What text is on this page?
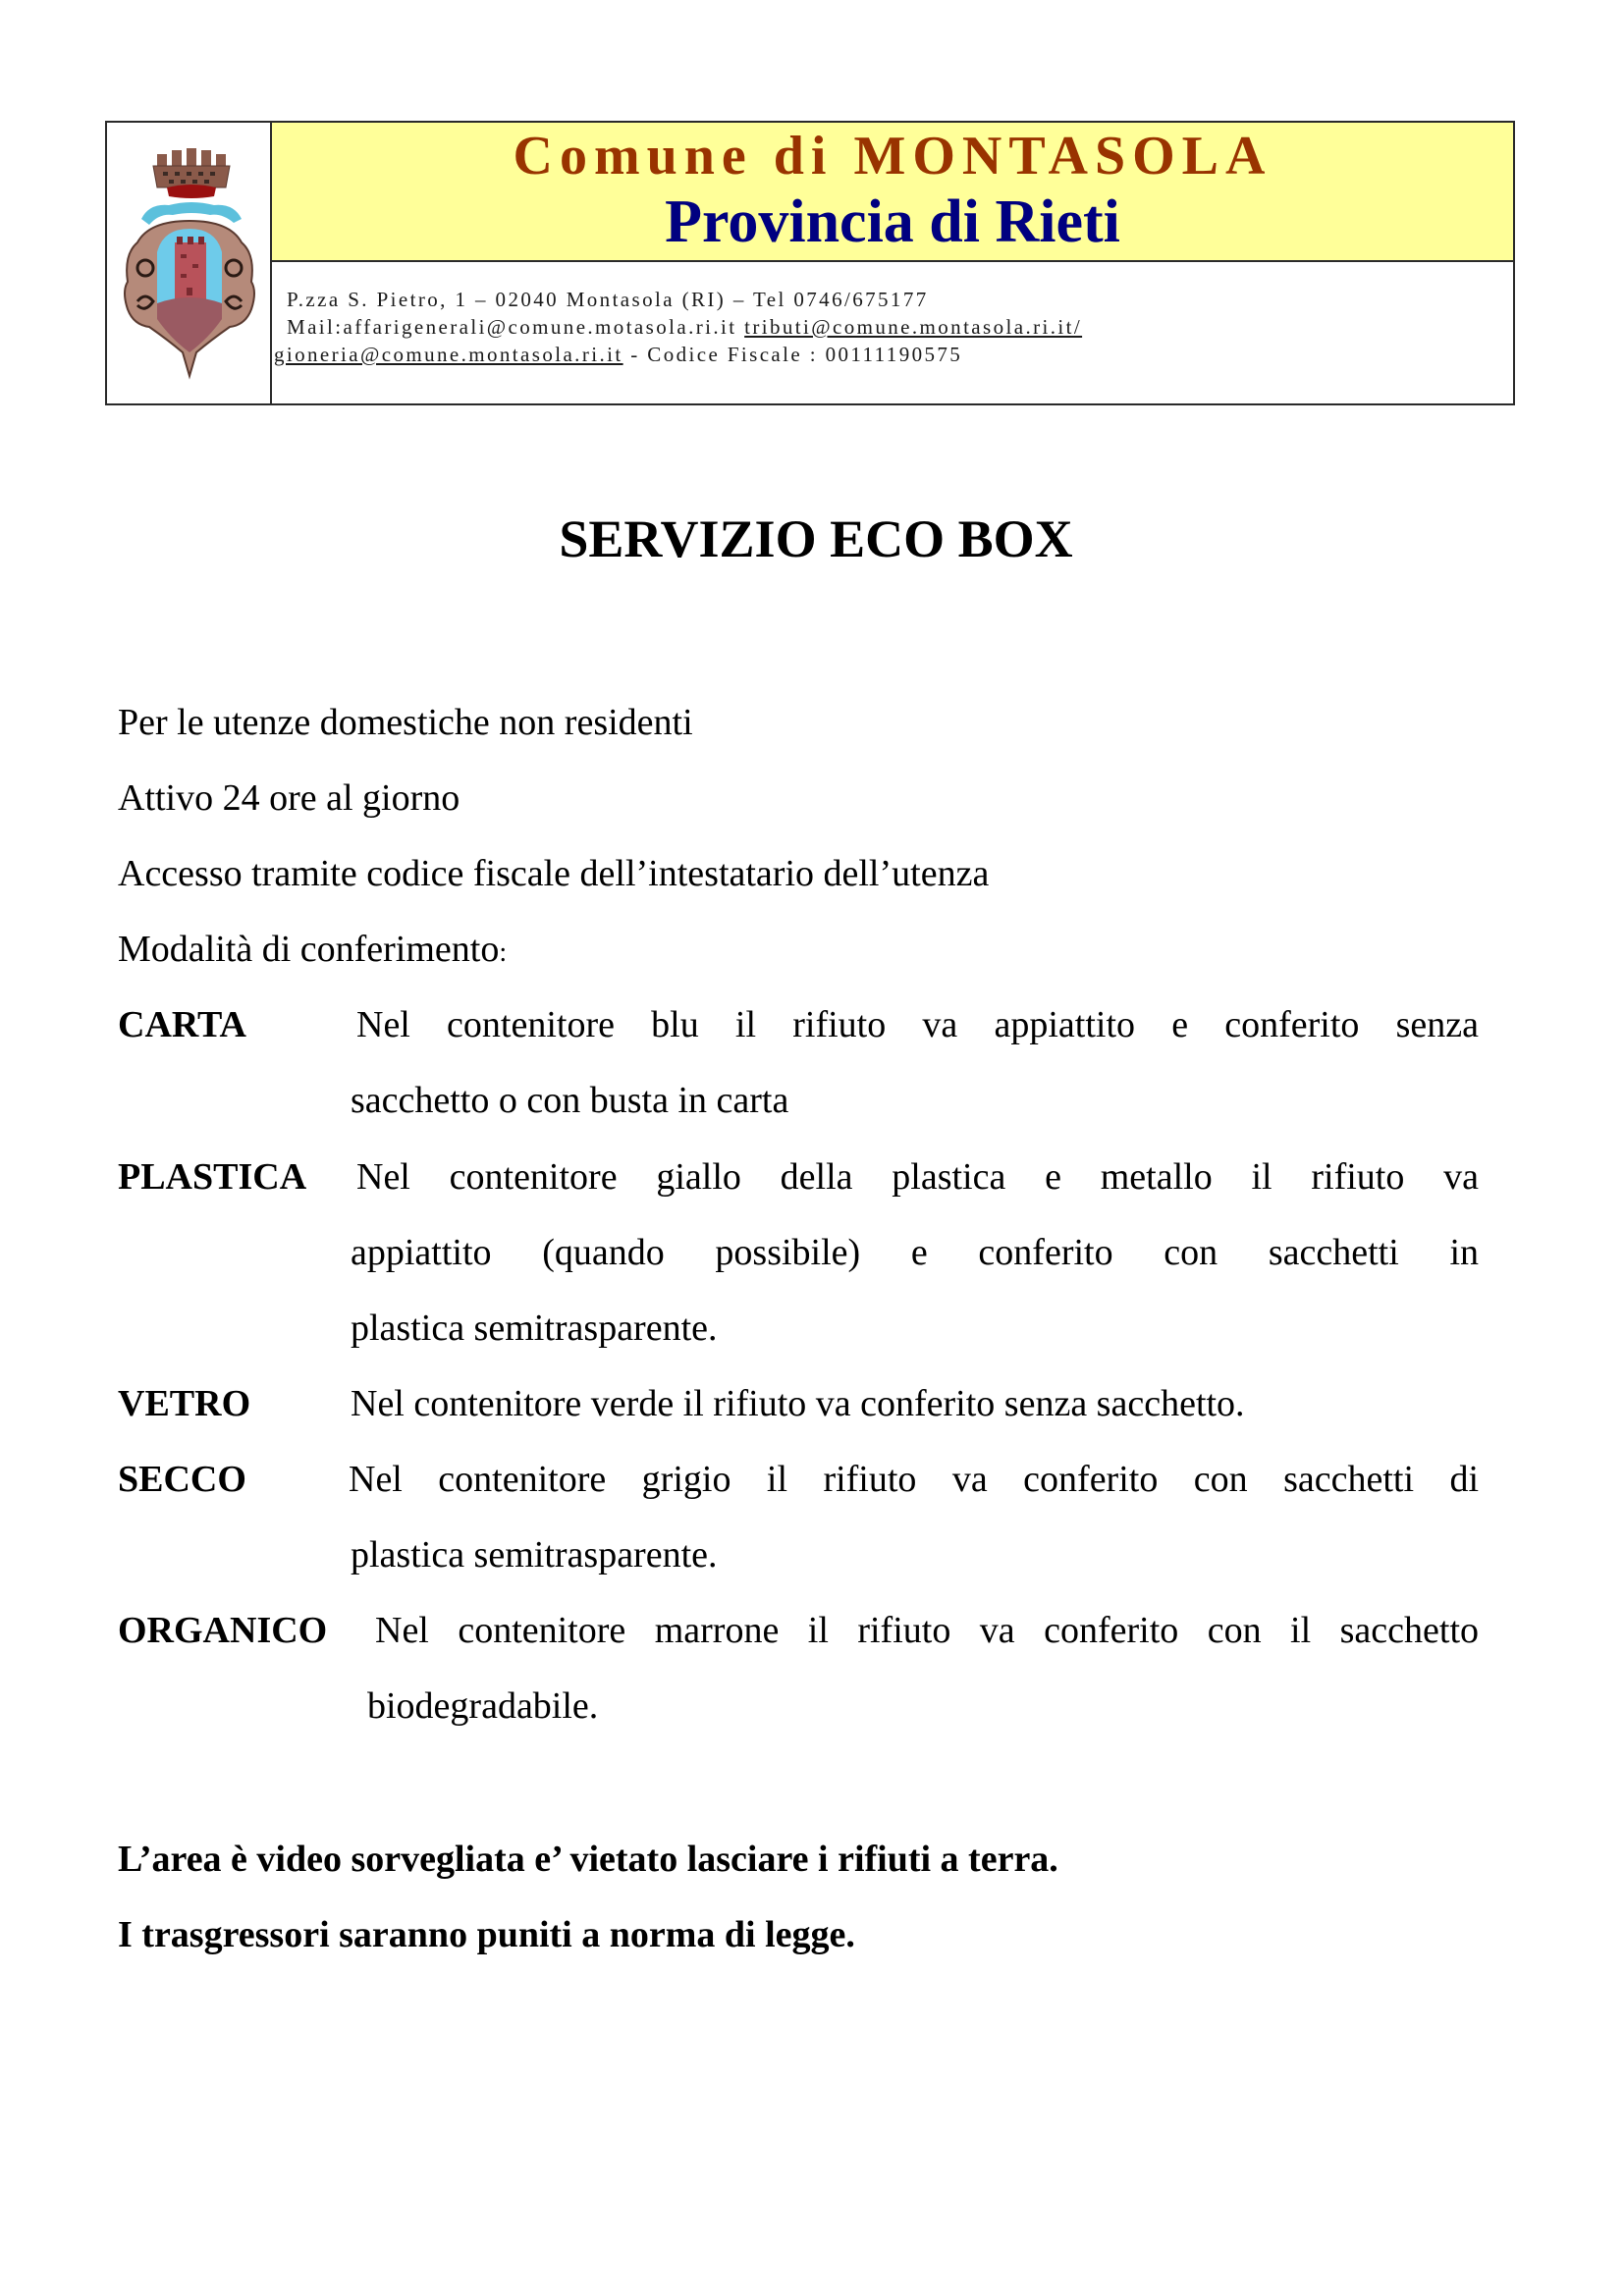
Comune di MONTASOLA
Provincia di Rieti
P.zza S. Pietro, 1 – 02040 Montasola (RI) – Tel 0746/675177
Mail:affarigenerali@comune.motasola.ri.it tributi@comune.montasola.ri.it/
gioneria@comune.montasola.ri.it - Codice Fiscale : 00111190575
SERVIZIO ECO BOX
Per le utenze domestiche non residenti
Attivo 24 ore al giorno
Accesso tramite codice fiscale dell’intestatario dell’utenza
Modalità di conferimento:
CARTA	Nel contenitore blu il rifiuto va appiattito e conferito senza
sacchetto o con busta in carta
PLASTICA Nel contenitore giallo della plastica e metallo il rifiuto va
appiattito (quando possibile) e conferito con sacchetti in
plastica semitrasparente.
VETRO	Nel contenitore verde il rifiuto va conferito senza sacchetto.
SECCO	Nel contenitore grigio il rifiuto va conferito con sacchetti di
plastica semitrasparente.
ORGANICO Nel contenitore marrone il rifiuto va conferito con il sacchetto
biodegradabile.
L’area è video sorvegliata e’ vietato lasciare i rifiuti a terra.
I trasgressori saranno puniti a norma di legge.
